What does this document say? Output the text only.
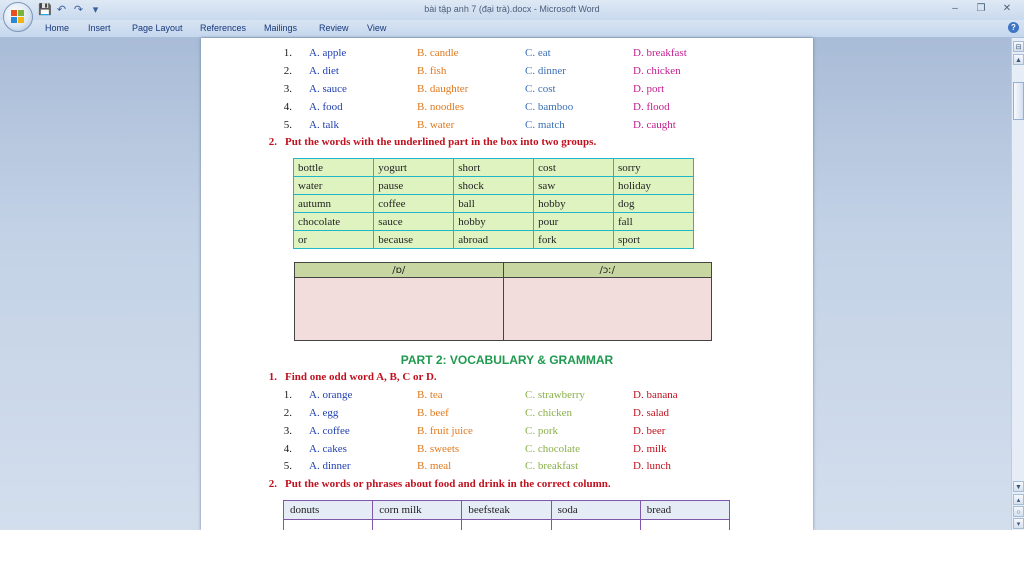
bài tập anh 7 (đại trà).docx - Microsoft Word
💾 ↶ ↷ ▾	–	❐	✕
Home Insert Page Layout References Mailings Review View	?
1. A. apple	B. candle	C. eat	D. breakfast
2. A. diet	B. fish	C. dinner	D. chicken
3. A. sauce	B. daughter	C. cost	D. port
4. A. food	B. noodles	C. bamboo	D. flood
5. A. talk	B. water	C. match	D. caught
2. Put the words with the underlined part in the box into two groups.
bottle	yogurt	short	cost	sorry
water	pause	shock	saw	holiday
autumn	coffee	ball	hobby	dog
chocolate	sauce	hobby	pour	fall
or	because	abroad	fork	sport
/ɒ/	/ɔː/

PART 2: VOCABULARY & GRAMMAR
1. Find one odd word A, B, C or D.
1. A. orange	B. tea	C. strawberry	D. banana
2. A. egg	B. beef	C. chicken	D. salad
3. A. coffee	B. fruit juice	C. pork	D. beer
4. A. cakes	B. sweets	C. chocolate	D. milk
5. A. dinner	B. meal	C. breakfast	D. lunch
2. Put the words or phrases about food and drink in the correct column.
donuts	corn milk	beefsteak	soda	bread

⊟
▲
▼
▴
○
▾
